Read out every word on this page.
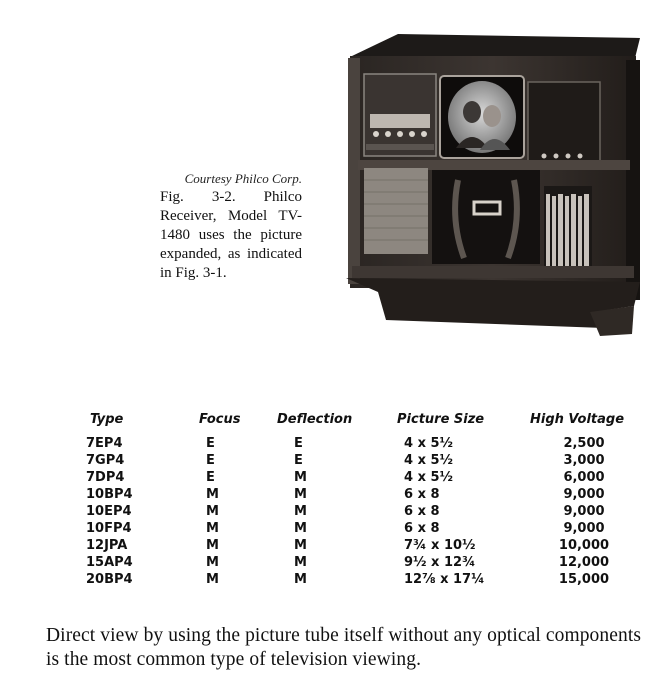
Courtesy Philco Corp.
Fig. 3-2. Philco Receiver, Model TV-1480 uses the picture expanded, as indicated in Fig. 3-1.
Type	Focus	Deflection	Picture Size	High Voltage
7EP4	E	E	4 x 5½	2,500
7GP4	E	E	4 x 5½	3,000
7DP4	E	M	4 x 5½	6,000
10BP4	M	M	6 x 8	9,000
10EP4	M	M	6 x 8	9,000
10FP4	M	M	6 x 8	9,000
12JPA	M	M	7¾ x 10½	10,000
15AP4	M	M	9½ x 12¾	12,000
20BP4	M	M	12⅞ x 17¼	15,000

Direct view by using the picture tube itself without any optical components is the most common type of television viewing.
